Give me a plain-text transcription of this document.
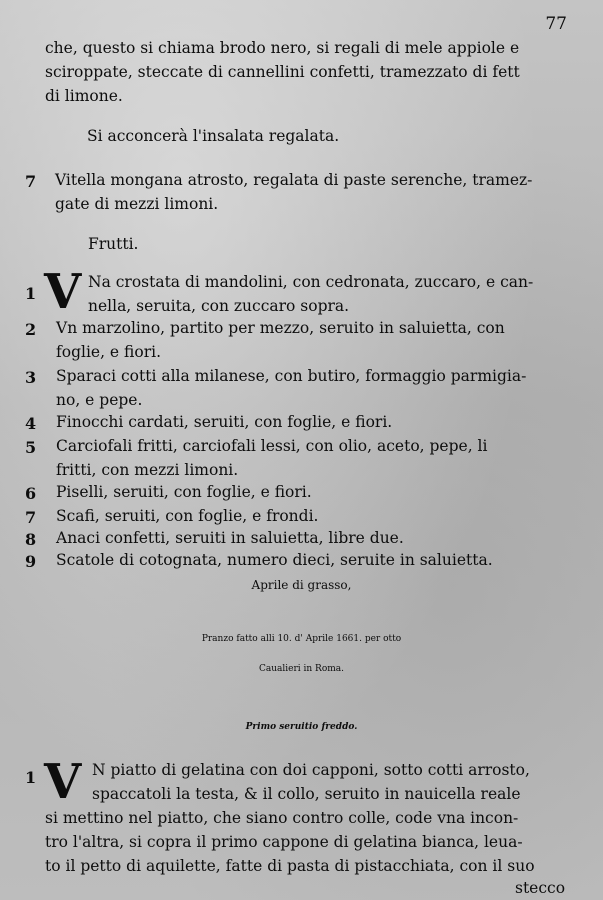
77
che, questo si chiama brodo nero, si regali di mele appiole e
sciroppate, steccate di cannellini confetti, tramezzato di fett
di limone.
Si acconcerà l'insalata regalata.
7 Vitella mongana atrosto, regalata di paste serenche, tramez-
gate di mezzi limoni.
Frutti.
1 V Na crostata di mandolini, con cedronata, zuccaro, e can-
nella, seruita, con zuccaro sopra.
2 Vn marzolino, partito per mezzo, seruito in saluietta, con
foglie, e fiori.
3 Sparaci cotti alla milanese, con butiro, formaggio parmigia-
no, e pepe.
4 Finocchi cardati, seruiti, con foglie, e fiori.
5 Carciofali fritti, carciofali lessi, con olio, aceto, pepe, li
fritti, con mezzi limoni.
6 Piselli, seruiti, con foglie, e fiori.
7 Scafi, seruiti, con foglie, e frondi.
8 Anaci confetti, seruiti in saluietta, libre due.
9 Scatole di cotognata, numero dieci, seruite in saluietta.
Aprile di grasso,
Pranzo fatto alli 10. d' Aprile 1661. per otto
Caualieri in Roma.
Primo seruitio freddo.
1 V N piatto di gelatina con doi capponi, sotto cotti arrosto,
spaccatoli la testa, & il collo, seruito in nauicella reale
si mettino nel piatto, che siano contro colle, code vna incon-
tro l'altra, si copra il primo cappone di gelatina bianca, leua-
to il petto di aquilette, fatte di pasta di pistacchiata, con il suo
stecco
